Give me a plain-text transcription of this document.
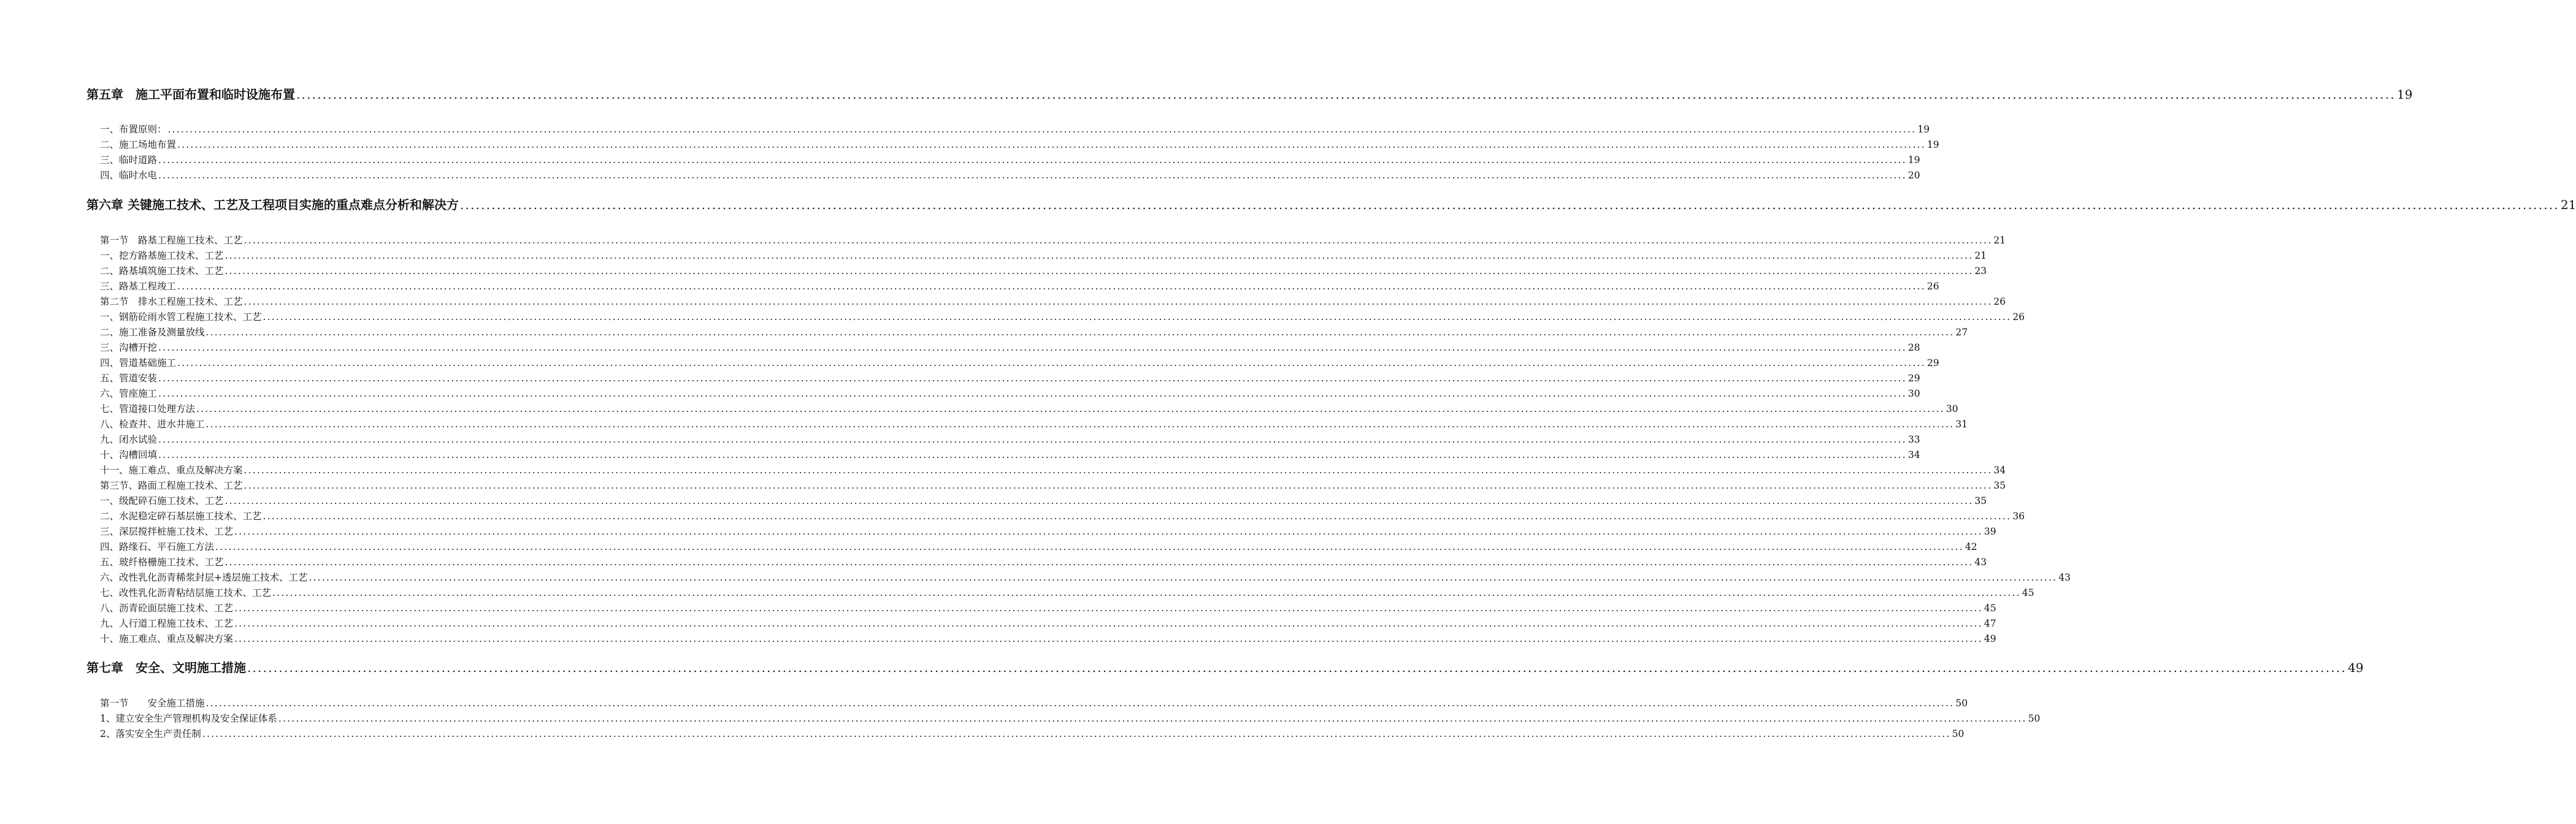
第五章　施工平面布置和临时设施布置 ................................................................................................................................................................................................................................................................................................................................................................................................................ 19
一、布置原则： ................................................................................................................................................................................................................................................................................................................................................................................................................ 19
二、施工场地布置 ................................................................................................................................................................................................................................................................................................................................................................................................................ 19
三、临时道路 ................................................................................................................................................................................................................................................................................................................................................................................................................ 19
四、临时水电 ................................................................................................................................................................................................................................................................................................................................................................................................................ 20
第六章 关键施工技术、工艺及工程项目实施的重点难点分析和解决方 ................................................................................................................................................................................................................................................................................................................................................................................................................ 21
第一节　路基工程施工技术、工艺 ................................................................................................................................................................................................................................................................................................................................................................................................................ 21
一、挖方路基施工技术、工艺 ................................................................................................................................................................................................................................................................................................................................................................................................................ 21
二、路基填筑施工技术、工艺 ................................................................................................................................................................................................................................................................................................................................................................................................................ 23
三、路基工程竣工 ................................................................................................................................................................................................................................................................................................................................................................................................................ 26
第二节　排水工程施工技术、工艺 ................................................................................................................................................................................................................................................................................................................................................................................................................ 26
一、钢筋砼雨水管工程施工技术、工艺 ................................................................................................................................................................................................................................................................................................................................................................................................................ 26
二、施工准备及测量放线 ................................................................................................................................................................................................................................................................................................................................................................................................................ 27
三、沟槽开挖 ................................................................................................................................................................................................................................................................................................................................................................................................................ 28
四、管道基础施工 ................................................................................................................................................................................................................................................................................................................................................................................................................ 29
五、管道安装 ................................................................................................................................................................................................................................................................................................................................................................................................................ 29
六、管座施工 ................................................................................................................................................................................................................................................................................................................................................................................................................ 30
七、管道接口处理方法 ................................................................................................................................................................................................................................................................................................................................................................................................................ 30
八、检查井、进水井施工 ................................................................................................................................................................................................................................................................................................................................................................................................................ 31
九、闭水试验 ................................................................................................................................................................................................................................................................................................................................................................................................................ 33
十、沟槽回填 ................................................................................................................................................................................................................................................................................................................................................................................................................ 34
十一、施工难点、重点及解决方案 ................................................................................................................................................................................................................................................................................................................................................................................................................ 34
第三节、路面工程施工技术、工艺 ................................................................................................................................................................................................................................................................................................................................................................................................................ 35
一、级配碎石施工技术、工艺 ................................................................................................................................................................................................................................................................................................................................................................................................................ 35
二、水泥稳定碎石基层施工技术、工艺 ................................................................................................................................................................................................................................................................................................................................................................................................................ 36
三、深层搅拌桩施工技术、工艺 ................................................................................................................................................................................................................................................................................................................................................................................................................ 39
四、路缘石、平石施工方法 ................................................................................................................................................................................................................................................................................................................................................................................................................ 42
五、玻纤格栅施工技术、工艺 ................................................................................................................................................................................................................................................................................................................................................................................................................ 43
六、改性乳化沥青稀浆封层+透层施工技术、工艺 ................................................................................................................................................................................................................................................................................................................................................................................................................ 43
七、改性乳化沥青粘结层施工技术、工艺 ................................................................................................................................................................................................................................................................................................................................................................................................................ 45
八、沥青砼面层施工技术、工艺 ................................................................................................................................................................................................................................................................................................................................................................................................................ 45
九、人行道工程施工技术、工艺 ................................................................................................................................................................................................................................................................................................................................................................................................................ 47
十、施工难点、重点及解决方案 ................................................................................................................................................................................................................................................................................................................................................................................................................ 49
第七章　安全、文明施工措施 ................................................................................................................................................................................................................................................................................................................................................................................................................ 49
第一节　　安全施工措施 ................................................................................................................................................................................................................................................................................................................................................................................................................ 50
1、建立安全生产管理机构及安全保证体系 ................................................................................................................................................................................................................................................................................................................................................................................................................ 50
2、落实安全生产责任制 ................................................................................................................................................................................................................................................................................................................................................................................................................ 50
